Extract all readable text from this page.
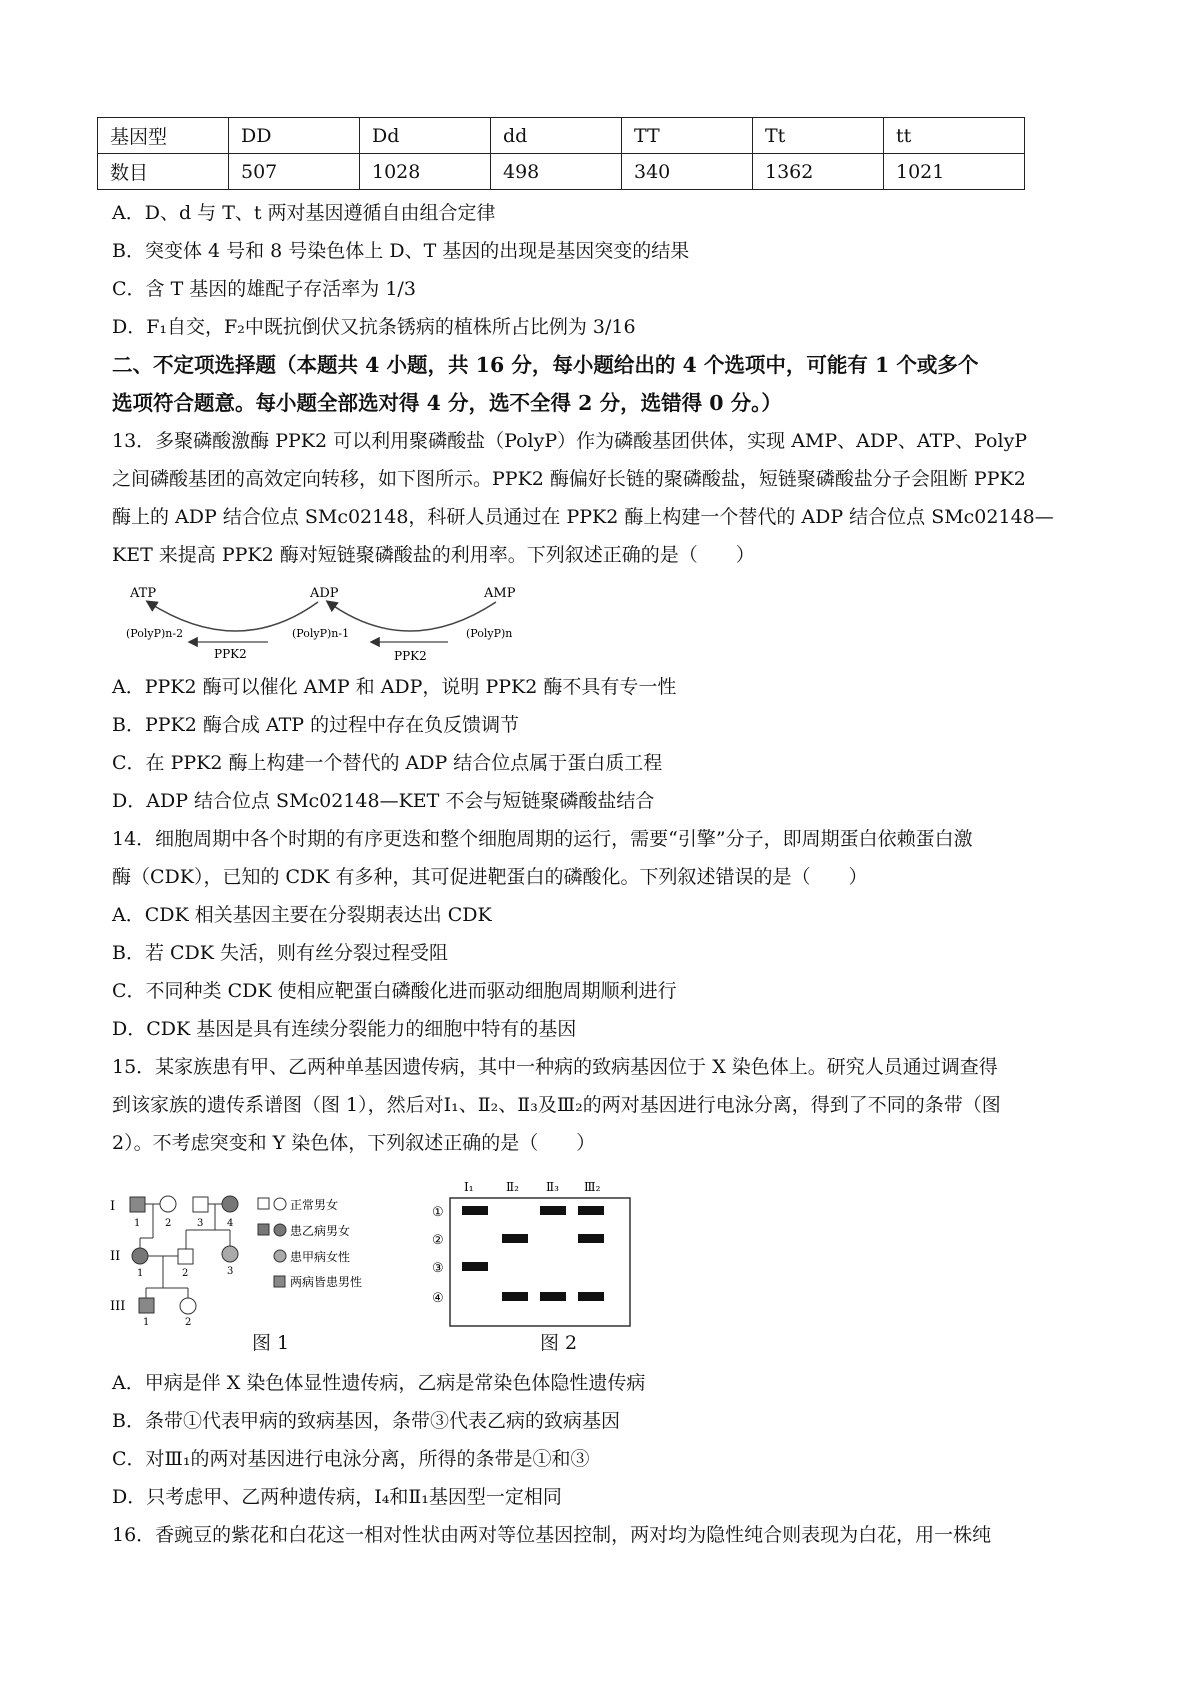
基因型	DD	Dd	dd	TT	Tt	tt
数目	507	1028	498	340	1362	1021
A．D、d 与 T、t 两对基因遵循自由组合定律
B．突变体 4 号和 8 号染色体上 D、T 基因的出现是基因突变的结果
C．含 T 基因的雄配子存活率为 1/3
D．F₁自交，F₂中既抗倒伏又抗条锈病的植株所占比例为 3/16
二、不定项选择题（本题共 4 小题，共 16 分，每小题给出的 4 个选项中，可能有 1 个或多个
选项符合题意。每小题全部选对得 4 分，选不全得 2 分，选错得 0 分。）
13．多聚磷酸激酶 PPK2 可以利用聚磷酸盐（PolyP）作为磷酸基团供体，实现 AMP、ADP、ATP、PolyP
之间磷酸基团的高效定向转移，如下图所示。PPK2 酶偏好长链的聚磷酸盐，短链聚磷酸盐分子会阻断 PPK2
酶上的 ADP 结合位点 SMc02148，科研人员通过在 PPK2 酶上构建一个替代的 ADP 结合位点 SMc02148—
KET 来提高 PPK2 酶对短链聚磷酸盐的利用率。下列叙述正确的是（　　）
ATP	ADP	AMP
(PolyP)n-2	(PolyP)n-1	(PolyP)n
PPK2	PPK2
A．PPK2 酶可以催化 AMP 和 ADP，说明 PPK2 酶不具有专一性
B．PPK2 酶合成 ATP 的过程中存在负反馈调节
C．在 PPK2 酶上构建一个替代的 ADP 结合位点属于蛋白质工程
D．ADP 结合位点 SMc02148—KET 不会与短链聚磷酸盐结合
14．细胞周期中各个时期的有序更迭和整个细胞周期的运行，需要“引擎”分子，即周期蛋白依赖蛋白激
酶（CDK），已知的 CDK 有多种，其可促进靶蛋白的磷酸化。下列叙述错误的是（　　）
A．CDK 相关基因主要在分裂期表达出 CDK
B．若 CDK 失活，则有丝分裂过程受阻
C．不同种类 CDK 使相应靶蛋白磷酸化进而驱动细胞周期顺利进行
D．CDK 基因是具有连续分裂能力的细胞中特有的基因
15．某家族患有甲、乙两种单基因遗传病，其中一种病的致病基因位于 X 染色体上。研究人员通过调查得
到该家族的遗传系谱图（图 1），然后对Ⅰ₁、Ⅱ₂、Ⅱ₃及Ⅲ₂的两对基因进行电泳分离，得到了不同的条带（图
2）。不考虑突变和 Y 染色体，下列叙述正确的是（　　）
I
II
III
1 2	3 4
1	2	3
1	2
正常男女
患乙病男女
患甲病女性
两病皆患男性
Ⅰ₁	Ⅱ₂ Ⅱ₃ Ⅲ₂
①
②
③
④
图 1	图 2
A．甲病是伴 X 染色体显性遗传病，乙病是常染色体隐性遗传病
B．条带①代表甲病的致病基因，条带③代表乙病的致病基因
C．对Ⅲ₁的两对基因进行电泳分离，所得的条带是①和③
D．只考虑甲、乙两种遗传病，Ⅰ₄和Ⅱ₁基因型一定相同
16．香豌豆的紫花和白花这一相对性状由两对等位基因控制，两对均为隐性纯合则表现为白花，用一株纯
